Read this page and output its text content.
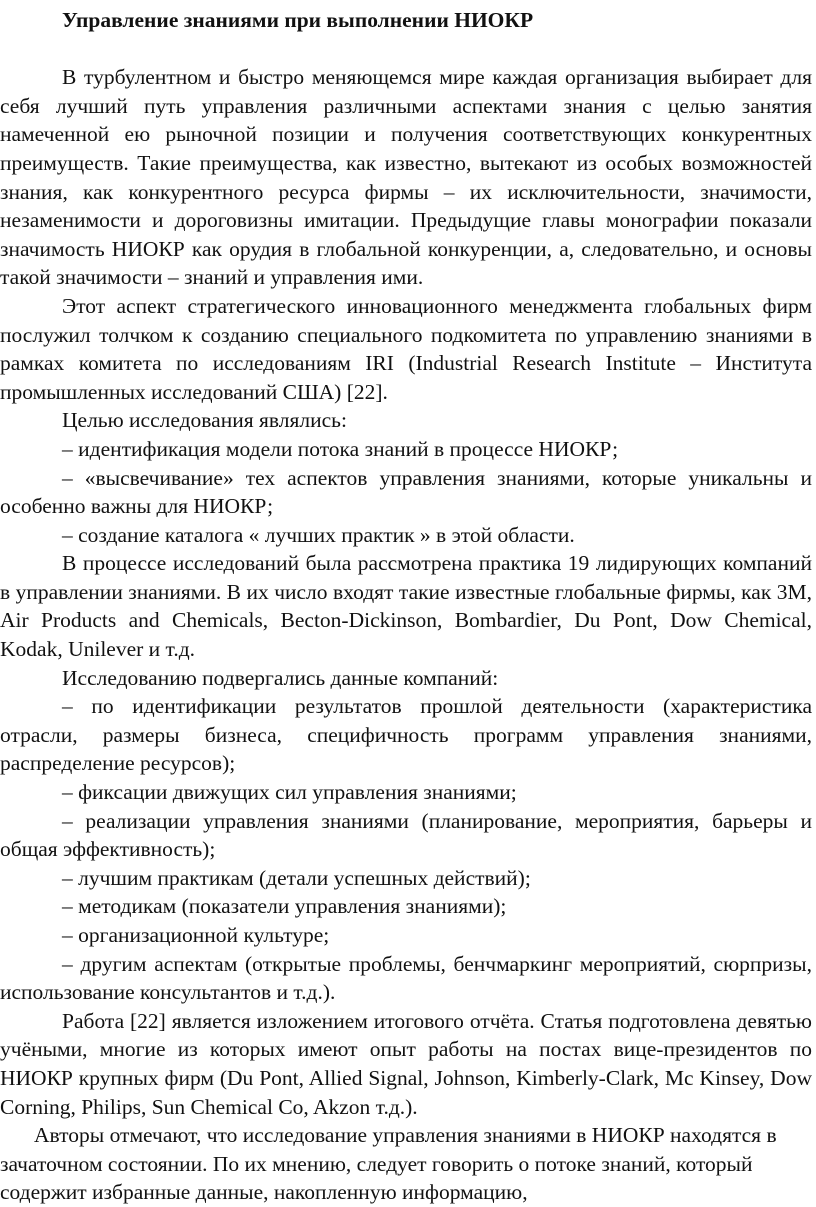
Управление знаниями при выполнении НИОКР

В турбулентном и быстро меняющемся мире каждая организация выбирает для себя лучший путь управления различными аспектами знания с целью занятия намеченной ею рыночной позиции и получения соответствующих конкурентных преимуществ. Такие преимущества, как известно, вытекают из особых возможностей знания, как конкурентного ресурса фирмы – их исключительности, значимости, незаменимости и дороговизны имитации. Предыдущие главы монографии показали значимость НИОКР как орудия в глобальной конкуренции, а, следовательно, и основы такой значимости – знаний и управления ими.

Этот аспект стратегического инновационного менеджмента глобальных фирм послужил толчком к созданию специального подкомитета по управлению знаниями в рамках комитета по исследованиям IRI (Industrial Research Institute – Института промышленных исследований США) [22].

Целью исследования являлись:

– идентификация модели потока знаний в процессе НИОКР;

– «высвечивание» тех аспектов управления знаниями, которые уникальны и особенно важны для НИОКР;

– создание каталога « лучших практик » в этой области.

В процессе исследований была рассмотрена практика 19 лидирующих компаний в управлении знаниями. В их число входят такие известные глобальные фирмы, как 3M, Air Products and Chemicals, Becton-Dickinson, Bombardier, Du Pont, Dow Chemical, Kodak, Unilever и т.д.

Исследованию подвергались данные компаний:

– по идентификации результатов прошлой деятельности (характеристика отрасли, размеры бизнеса, специфичность программ управления знаниями, распределение ресурсов);

– фиксации движущих сил управления знаниями;

– реализации управления знаниями (планирование, мероприятия, барьеры и общая эффективность);

– лучшим практикам (детали успешных действий);

– методикам (показатели управления знаниями);

– организационной культуре;

– другим аспектам (открытые проблемы, бенчмаркинг мероприятий, сюрпризы, использование консультантов и т.д.).

Работа [22] является изложением итогового отчёта. Статья подготовлена девятью учёными, многие из которых имеют опыт работы на постах вице-президентов по НИОКР крупных фирм (Du Pont, Allied Signal, Johnson, Kimberly-Clark, Mc Kinsey, Dow Corning, Philips, Sun Chemical Co, Akzon т.д.).

Авторы отмечают, что исследование управления знаниями в НИОКР находятся в зачаточном состоянии. По их мнению, следует говорить о потоке знаний, который содержит избранные данные, накопленную информацию,
